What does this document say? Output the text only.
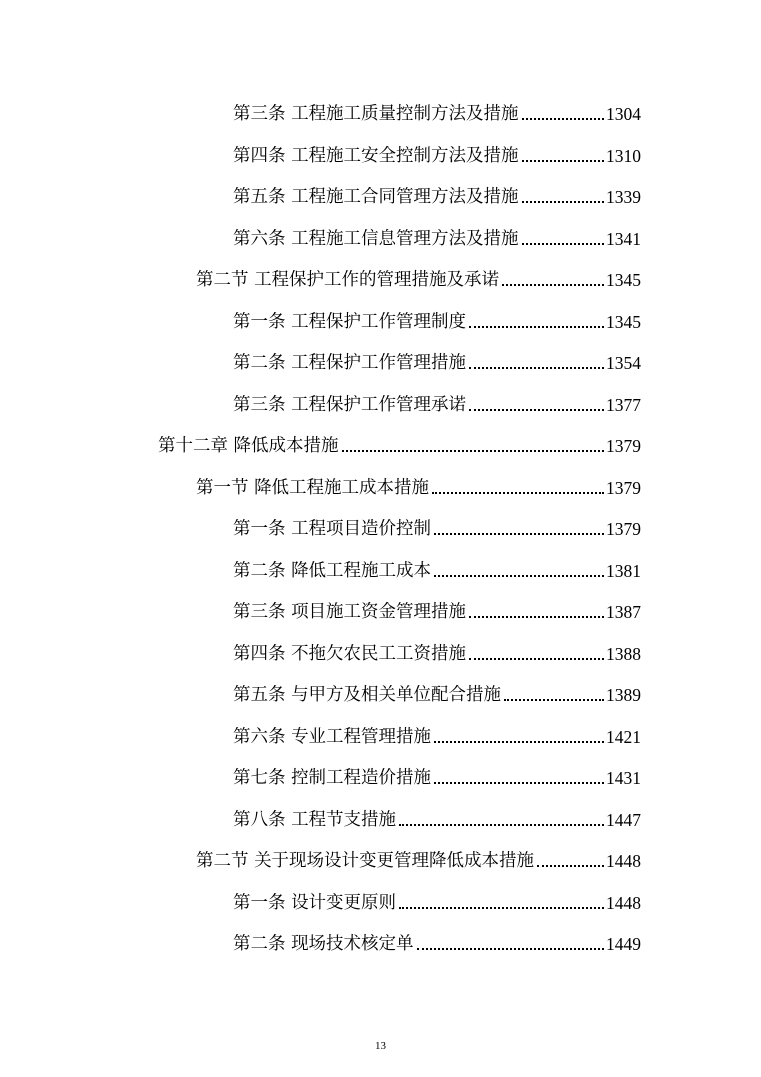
第三条 工程施工质量控制方法及措施	1304
第四条 工程施工安全控制方法及措施	1310
第五条 工程施工合同管理方法及措施	1339
第六条 工程施工信息管理方法及措施	1341
第二节 工程保护工作的管理措施及承诺	1345
第一条 工程保护工作管理制度	1345
第二条 工程保护工作管理措施	1354
第三条 工程保护工作管理承诺	1377
第十二章 降低成本措施	1379
第一节 降低工程施工成本措施	1379
第一条 工程项目造价控制	1379
第二条 降低工程施工成本	1381
第三条 项目施工资金管理措施	1387
第四条 不拖欠农民工工资措施	1388
第五条 与甲方及相关单位配合措施	1389
第六条 专业工程管理措施	1421
第七条 控制工程造价措施	1431
第八条 工程节支措施	1447
第二节 关于现场设计变更管理降低成本措施	1448
第一条 设计变更原则	1448
第二条 现场技术核定单	1449
13
